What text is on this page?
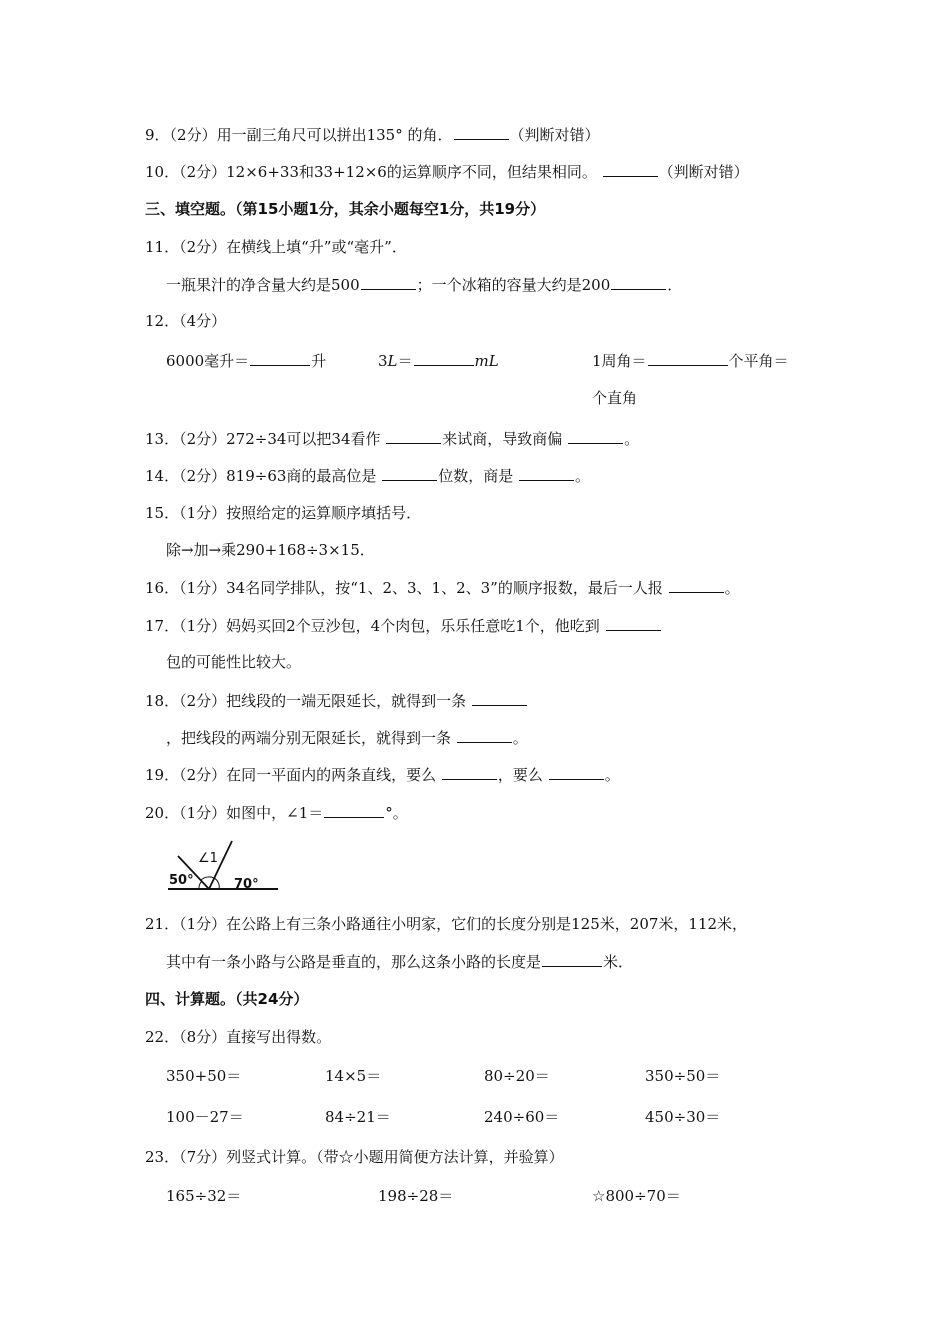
9．（2分）用一副三角尺可以拼出135° 的角．	（判断对错）
10．（2分）12×6+33和33+12×6的运算顺序不同，但结果相同。	（判断对错）
三、填空题。（第15小题1分，其余小题每空1分，共19分）
11．（2分）在横线上填“升”或“毫升”．
一瓶果汁的净含量大约是500	；一个冰箱的容量大约是200	．
12．（4分）
6000毫升＝	升	3L＝	mL	1周角＝	个平角＝
个直角
13．（2分）272÷34可以把34看作	来试商，导致商偏	。
14．（2分）819÷63商的最高位是	位数，商是	。
15．（1分）按照给定的运算顺序填括号．
除→加→乘290+168÷3×15．
16．（1分）34名同学排队，按“1、2、3、1、2、3”的顺序报数，最后一人报	。
17．（1分）妈妈买回2个豆沙包，4个肉包，乐乐任意吃1个，他吃到
包的可能性比较大。
18．（2分）把线段的一端无限延长，就得到一条
，把线段的两端分别无限延长，就得到一条	。
19．（2分）在同一平面内的两条直线，要么	，要么	。
20．（1分）如图中，∠1＝	°。
∠1
50°	70°
21．（1分）在公路上有三条小路通往小明家，它们的长度分别是125米，207米，112米，
其中有一条小路与公路是垂直的，那么这条小路的长度是	米．
四、计算题。（共24分）
22．（8分）直接写出得数。
350+50＝	14×5＝	80÷20＝	350÷50＝
100－27＝	84÷21＝	240÷60＝	450÷30＝
23．（7分）列竖式计算。（带☆小题用简便方法计算，并验算）
165÷32＝	198÷28＝	☆800÷70＝
